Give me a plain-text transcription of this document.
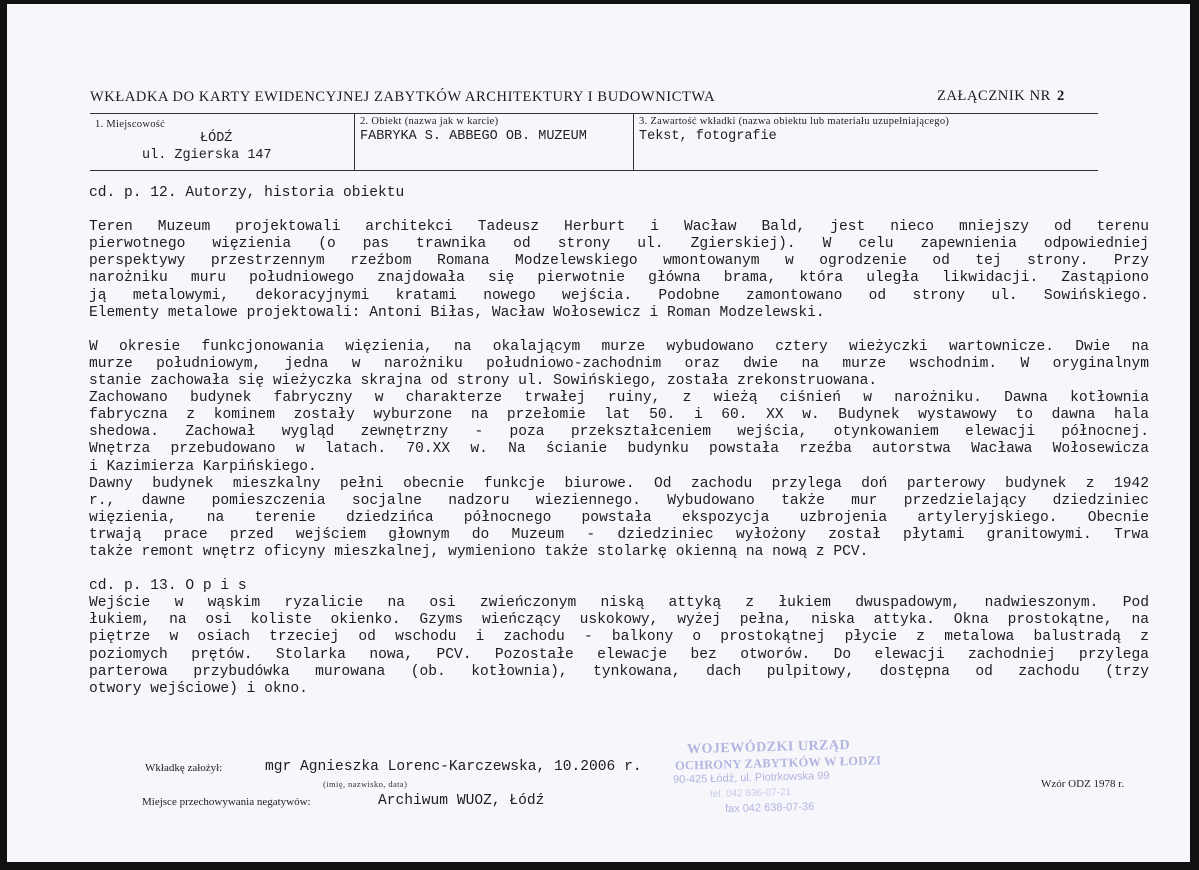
WKŁADKA DO KARTY EWIDENCYJNEJ ZABYTKÓW ARCHITEKTURY I BUDOWNICTWA	ZAŁĄCZNIK NR 2
1. Miejscowość
ŁÓDŹ
ul. Zgierska 147
2. Obiekt (nazwa jak w karcie)
FABRYKA S. ABBEGO OB. MUZEUM
3. Zawartość wkładki (nazwa obiektu lub materiału uzupełniającego)
Tekst, fotografie
cd. p. 12. Autorzy, historia obiektu
Teren Muzeum projektowali architekci Tadeusz Herburt i Wacław Bald, jest nieco mniejszy od terenu
pierwotnego więzienia (o pas trawnika od strony ul. Zgierskiej). W celu zapewnienia odpowiedniej
perspektywy przestrzennym rzeźbom Romana Modzelewskiego wmontowanym w ogrodzenie od tej strony. Przy
narożniku muru południowego znajdowała się pierwotnie główna brama, która uległa likwidacji. Zastąpiono
ją metalowymi, dekoracyjnymi kratami nowego wejścia. Podobne zamontowano od strony ul. Sowińskiego.
Elementy metalowe projektowali: Antoni Biłas, Wacław Wołosewicz i Roman Modzelewski.
W okresie funkcjonowania więzienia, na okalającym murze wybudowano cztery wieżyczki wartownicze. Dwie na
murze południowym, jedna w narożniku południowo-zachodnim oraz dwie na murze wschodnim. W oryginalnym
stanie zachowała się wieżyczka skrajna od strony ul. Sowińskiego, została zrekonstruowana.
Zachowano budynek fabryczny w charakterze trwałej ruiny, z wieżą ciśnień w narożniku. Dawna kotłownia
fabryczna z kominem zostały wyburzone na przełomie lat 50. i 60. XX w. Budynek wystawowy to dawna hala
shedowa. Zachował wygląd zewnętrzny - poza przekształceniem wejścia, otynkowaniem elewacji północnej.
Wnętrza przebudowano w latach. 70.XX w. Na ścianie budynku powstała rzeźba autorstwa Wacława Wołosewicza
i Kazimierza Karpińskiego.
Dawny budynek mieszkalny pełni obecnie funkcje biurowe. Od zachodu przylega doń parterowy budynek z 1942
r., dawne pomieszczenia socjalne nadzoru wieziennego. Wybudowano także mur przedzielający dziedziniec
więzienia, na terenie dziedzińca północnego powstała ekspozycja uzbrojenia artyleryjskiego. Obecnie
trwają prace przed wejściem głownym do Muzeum - dziedziniec wyłożony został płytami granitowymi. Trwa
także remont wnętrz oficyny mieszkalnej, wymieniono także stolarkę okienną na nową z PCV.
cd. p. 13. O p i s
Wejście w wąskim ryzalicie na osi zwieńczonym niską attyką z łukiem dwuspadowym, nadwieszonym. Pod
łukiem, na osi koliste okienko. Gzyms wieńczący uskokowy, wyżej pełna, niska attyka. Okna prostokątne, na
piętrze w osiach trzeciej od wschodu i zachodu - balkony o prostokątnej płycie z metalowa balustradą z
poziomych prętów. Stolarka nowa, PCV. Pozostałe elewacje bez otworów. Do elewacji zachodniej przylega
parterowa przybudówka murowana (ob. kotłownia), tynkowana, dach pulpitowy, dostępna od zachodu (trzy
otwory wejściowe) i okno.
Wkładkę założył:	mgr Agnieszka Lorenc-Karczewska, 10.2006 r.
(imię, nazwisko, data)
Miejsce przechowywania negatywów:	Archiwum WUOZ, Łódź
WOJEWÓDZKI URZĄD
OCHRONY ZABYTKÓW W ŁODZI
90-425 Łódź, ul. Piotrkowska 99
tel. 042 636-07-21
fax 042 638-07-36
Wzór ODZ 1978 r.
